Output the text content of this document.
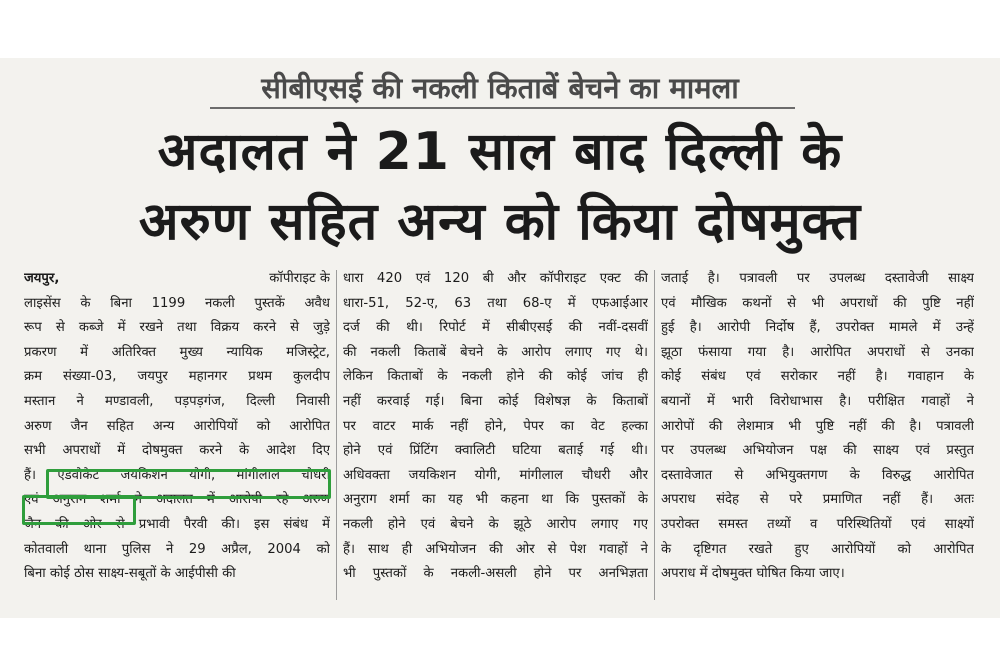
सीबीएसई की नकली किताबें बेचने का मामला
अदालत ने 21 साल बाद दिल्ली के
अरुण सहित अन्य को किया दोषमुक्त
जयपुर,	कॉपीराइट के
लाइसेंस के बिना 1199 नकली पुस्तकें अवैध
रूप से कब्जे में रखने तथा विक्रय करने से जुड़े
प्रकरण में अतिरिक्त मुख्य न्यायिक मजिस्ट्रेट,
क्रम संख्या-03, जयपुर महानगर प्रथम कुलदीप
मस्तान ने मण्डावली, पड़पड़गंज, दिल्ली निवासी
अरुण जैन सहित अन्य आरोपियों को आरोपित
सभी अपराधों में दोषमुक्त करने के आदेश दिए
हैं। एडवोकेट जयकिशन योगी, मांगीलाल चौधरी
एवं अनुराग शर्मा ने अदालत में आरोपी रहे अरुण
जैन की ओर से प्रभावी पैरवी की। इस संबंध में
कोतवाली थाना पुलिस ने 29 अप्रैल, 2004 को
बिना कोई ठोस साक्ष्य-सबूतों के आईपीसी की
धारा 420 एवं 120 बी और कॉपीराइट एक्ट की
धारा-51, 52-ए, 63 तथा 68-ए में एफआईआर
दर्ज की थी। रिपोर्ट में सीबीएसई की नवीं-दसवीं
की नकली किताबें बेचने के आरोप लगाए गए थे।
लेकिन किताबों के नकली होने की कोई जांच ही
नहीं करवाई गई। बिना कोई विशेषज्ञ के किताबों
पर वाटर मार्क नहीं होने, पेपर का वेट हल्का
होने एवं प्रिंटिंग क्वालिटी घटिया बताई गई थी।
अधिवक्ता जयकिशन योगी, मांगीलाल चौधरी और
अनुराग शर्मा का यह भी कहना था कि पुस्तकों के
नकली होने एवं बेचने के झूठे आरोप लगाए गए
हैं। साथ ही अभियोजन की ओर से पेश गवाहों ने
भी पुस्तकों के नकली-असली होने पर अनभिज्ञता
जताई है। पत्रावली पर उपलब्ध दस्तावेजी साक्ष्य
एवं मौखिक कथनों से भी अपराधों की पुष्टि नहीं
हुई है। आरोपी निर्दोष हैं, उपरोक्त मामले में उन्हें
झूठा फंसाया गया है। आरोपित अपराधों से उनका
कोई संबंध एवं सरोकार नहीं है। गवाहान के
बयानों में भारी विरोधाभास है। परीक्षित गवाहों ने
आरोपों की लेशमात्र भी पुष्टि नहीं की है। पत्रावली
पर उपलब्ध अभियोजन पक्ष की साक्ष्य एवं प्रस्तुत
दस्तावेजात से अभियुक्तगण के विरुद्ध आरोपित
अपराध संदेह से परे प्रमाणित नहीं हैं। अतः
उपरोक्त समस्त तथ्यों व परिस्थितियों एवं साक्ष्यों
के दृष्टिगत रखते हुए आरोपियों को आरोपित
अपराध में दोषमुक्त घोषित किया जाए।
